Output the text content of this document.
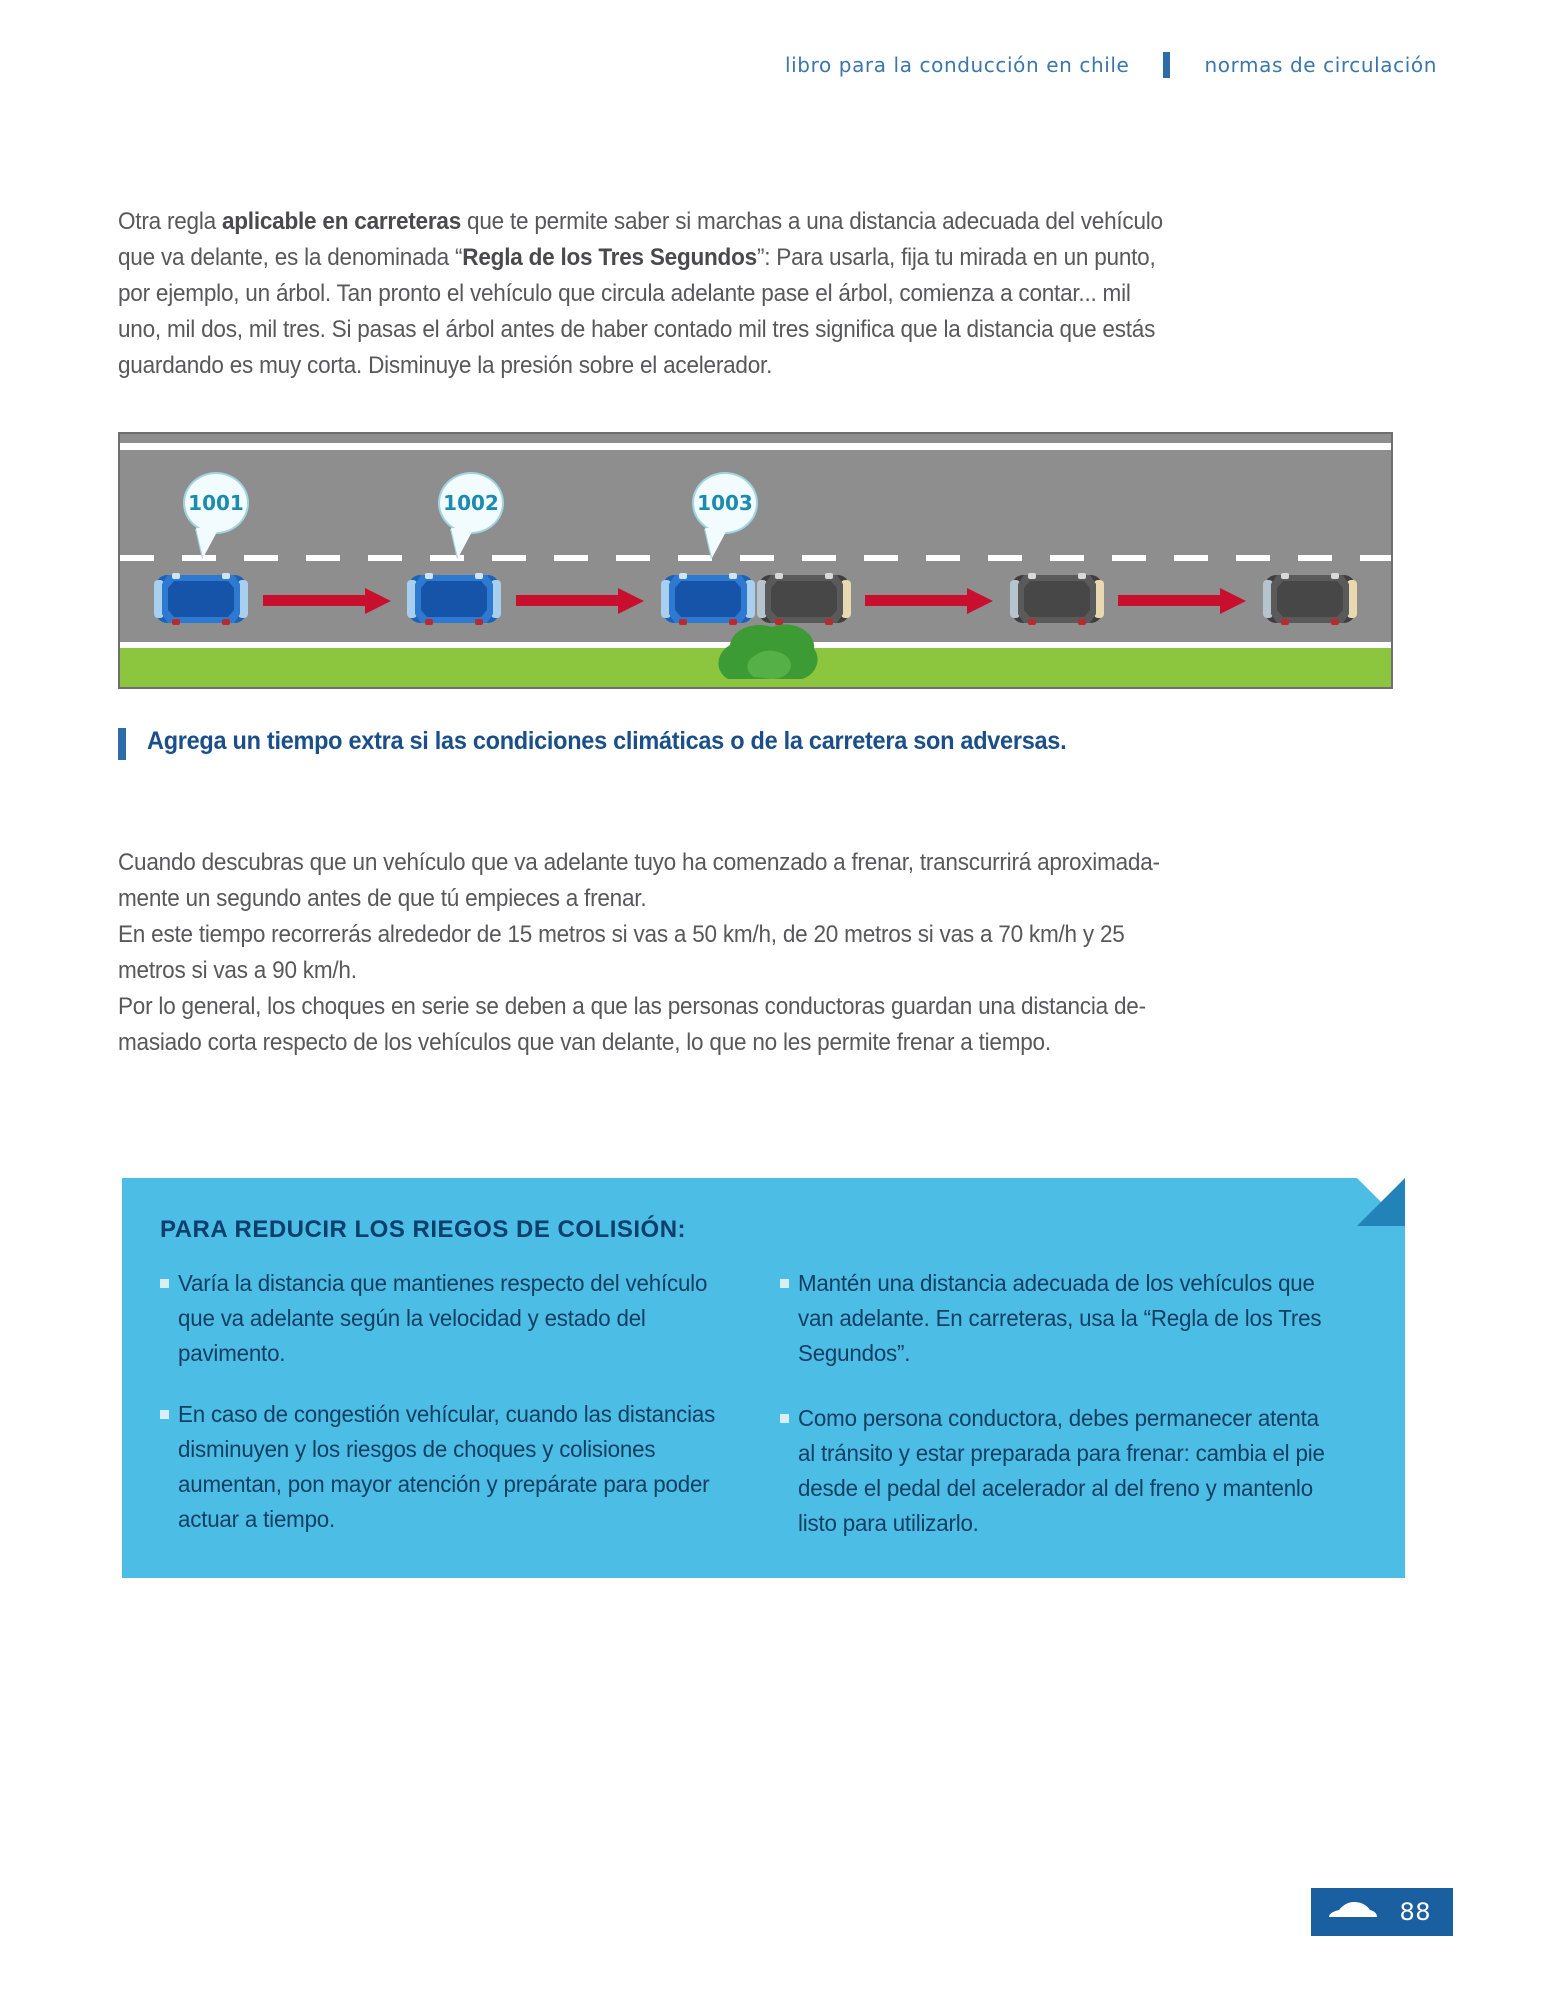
libro para la conducción en chile	normas de circulación
Otra regla aplicable en carreteras que te permite saber si marchas a una distancia adecuada del vehículo
que va delante, es la denominada “Regla de los Tres Segundos”: Para usarla, fija tu mirada en un punto,
por ejemplo, un árbol. Tan pronto el vehículo que circula adelante pase el árbol, comienza a contar... mil
uno, mil dos, mil tres. Si pasas el árbol antes de haber contado mil tres significa que la distancia que estás
guardando es muy corta. Disminuye la presión sobre el acelerador.
1001	1002	1003
Agrega un tiempo extra si las condiciones climáticas o de la carretera son adversas.
Cuando descubras que un vehículo que va adelante tuyo ha comenzado a frenar, transcurrirá aproximada-
mente un segundo antes de que tú empieces a frenar.
En este tiempo recorrerás alrededor de 15 metros si vas a 50 km/h, de 20 metros si vas a 70 km/h y 25
metros si vas a 90 km/h.
Por lo general, los choques en serie se deben a que las personas conductoras guardan una distancia de-
masiado corta respecto de los vehículos que van delante, lo que no les permite frenar a tiempo.
PARA REDUCIR LOS RIEGOS DE COLISIÓN:

Varía la distancia que mantienes respecto del vehículo que va adelante según la velocidad y estado del pavimento.

En caso de congestión vehícular, cuando las distancias disminuyen y los riesgos de choques y colisiones aumentan, pon mayor atención y prepárate para poder actuar a tiempo.

Mantén una distancia adecuada de los vehículos que van adelante. En carreteras, usa la “Regla de los Tres Segundos”.

Como persona conductora, debes permanecer atenta al tránsito y estar preparada para frenar: cambia el pie desde el pedal del acelerador al del freno y mantenlo listo para utilizarlo.

88
